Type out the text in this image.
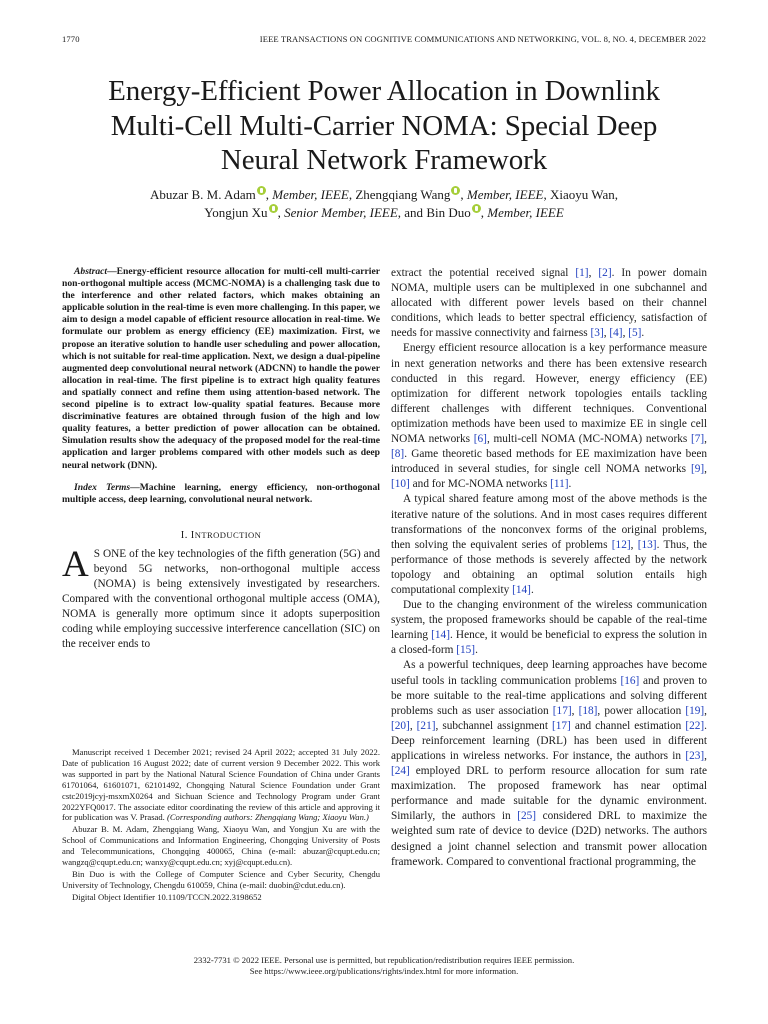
1770	IEEE TRANSACTIONS ON COGNITIVE COMMUNICATIONS AND NETWORKING, VOL. 8, NO. 4, DECEMBER 2022
Energy-Efficient Power Allocation in Downlink
Multi-Cell Multi-Carrier NOMA: Special Deep
Neural Network Framework
Abuzar B. M. Adam , Member, IEEE, Zhengqiang Wang , Member, IEEE, Xiaoyu Wan,
Yongjun Xu , Senior Member, IEEE, and Bin Duo , Member, IEEE

Abstract—Energy-efficient resource allocation for multi-cell multi-carrier non-orthogonal multiple access (MCMC-NOMA) is a challenging task due to the interference and other related factors, which makes obtaining an applicable solution in the real-time is even more challenging. In this paper, we aim to design a model capable of efficient resource allocation in real-time. We formulate our problem as energy efficiency (EE) maximization. First, we propose an iterative solution to handle user scheduling and power allocation, which is not suitable for real-time application. Next, we design a dual-pipeline augmented deep convolutional neural network (ADCNN) to handle the power allocation in real-time. The first pipeline is to extract high quality features and spatially connect and refine them using attention-based network. The second pipeline is to extract low-quality spatial features. Because more discriminative features are obtained through fusion of the high and low quality features, a better prediction of power allocation can be obtained. Simulation results show the adequacy of the proposed model for the real-time application and larger problems compared with other models such as deep neural network (DNN).

Index Terms—Machine learning, energy efficiency, non-orthogonal multiple access, deep learning, convolutional neural network.

I. INTRODUCTION

A S ONE of the key technologies of the fifth generation (5G) and beyond 5G networks, non-orthogonal multiple access (NOMA) is being extensively investigated by researchers. Compared with the conventional orthogonal multiple access (OMA), NOMA is generally more optimum since it adopts superposition coding while employing successive interference cancellation (SIC) on the receiver ends to

Manuscript received 1 December 2021; revised 24 April 2022; accepted 31 July 2022. Date of publication 16 August 2022; date of current version 9 December 2022. This work was supported in part by the National Natural Science Foundation of China under Grants 61701064, 61601071, 62101492, Chongqing Natural Science Foundation under Grant cstc2019jcyj-msxmX0264 and Sichuan Science and Technology Program under Grant 2022YFQ0017. The associate editor coordinating the review of this article and approving it for publication was V. Prasad. (Corresponding authors: Zhengqiang Wang; Xiaoyu Wan.)

Abuzar B. M. Adam, Zhengqiang Wang, Xiaoyu Wan, and Yongjun Xu are with the School of Communications and Information Engineering, Chongqing University of Posts and Telecommunications, Chongqing 400065, China (e-mail: abuzar@cqupt.edu.cn; wangzq@cqupt.edu.cn; wanxy@cqupt.edu.cn; xyj@cqupt.edu.cn).

Bin Duo is with the College of Computer Science and Cyber Security, Chengdu University of Technology, Chengdu 610059, China (e-mail: duobin@cdut.edu.cn).

Digital Object Identifier 10.1109/TCCN.2022.3198652

extract the potential received signal [1], [2]. In power domain NOMA, multiple users can be multiplexed in one subchannel and allocated with different power levels based on their channel conditions, which leads to better spectral efficiency, satisfaction of needs for massive connectivity and fairness [3], [4], [5].

Energy efficient resource allocation is a key performance measure in next generation networks and there has been extensive research conducted in this regard. However, energy efficiency (EE) optimization for different network topologies entails tackling different challenges with different techniques. Conventional optimization methods have been used to maximize EE in single cell NOMA networks [6], multi-cell NOMA (MC-NOMA) networks [7], [8]. Game theoretic based methods for EE maximization have been introduced in several studies, for single cell NOMA networks [9], [10] and for MC-NOMA networks [11].

A typical shared feature among most of the above methods is the iterative nature of the solutions. And in most cases requires different transformations of the nonconvex forms of the original problems, then solving the equivalent series of problems [12], [13]. Thus, the performance of those methods is severely affected by the network topology and obtaining an optimal solution entails high computational complexity [14].

Due to the changing environment of the wireless communication system, the proposed frameworks should be capable of the real-time learning [14]. Hence, it would be beneficial to express the solution in a closed-form [15].

As a powerful techniques, deep learning approaches have become useful tools in tackling communication problems [16] and proven to be more suitable to the real-time applications and solving different problems such as user association [17], [18], power allocation [19], [20], [21], subchannel assignment [17] and channel estimation [22]. Deep reinforcement learning (DRL) has been used in different applications in wireless networks. For instance, the authors in [23], [24] employed DRL to perform resource allocation for sum rate maximization. The proposed framework has near optimal performance and made suitable for the dynamic environment. Similarly, the authors in [25] considered DRL to maximize the weighted sum rate of device to device (D2D) networks. The authors designed a joint channel selection and transmit power allocation framework. Compared to conventional fractional programming, the

2332-7731 © 2022 IEEE. Personal use is permitted, but republication/redistribution requires IEEE permission.
See https://www.ieee.org/publications/rights/index.html for more information.
